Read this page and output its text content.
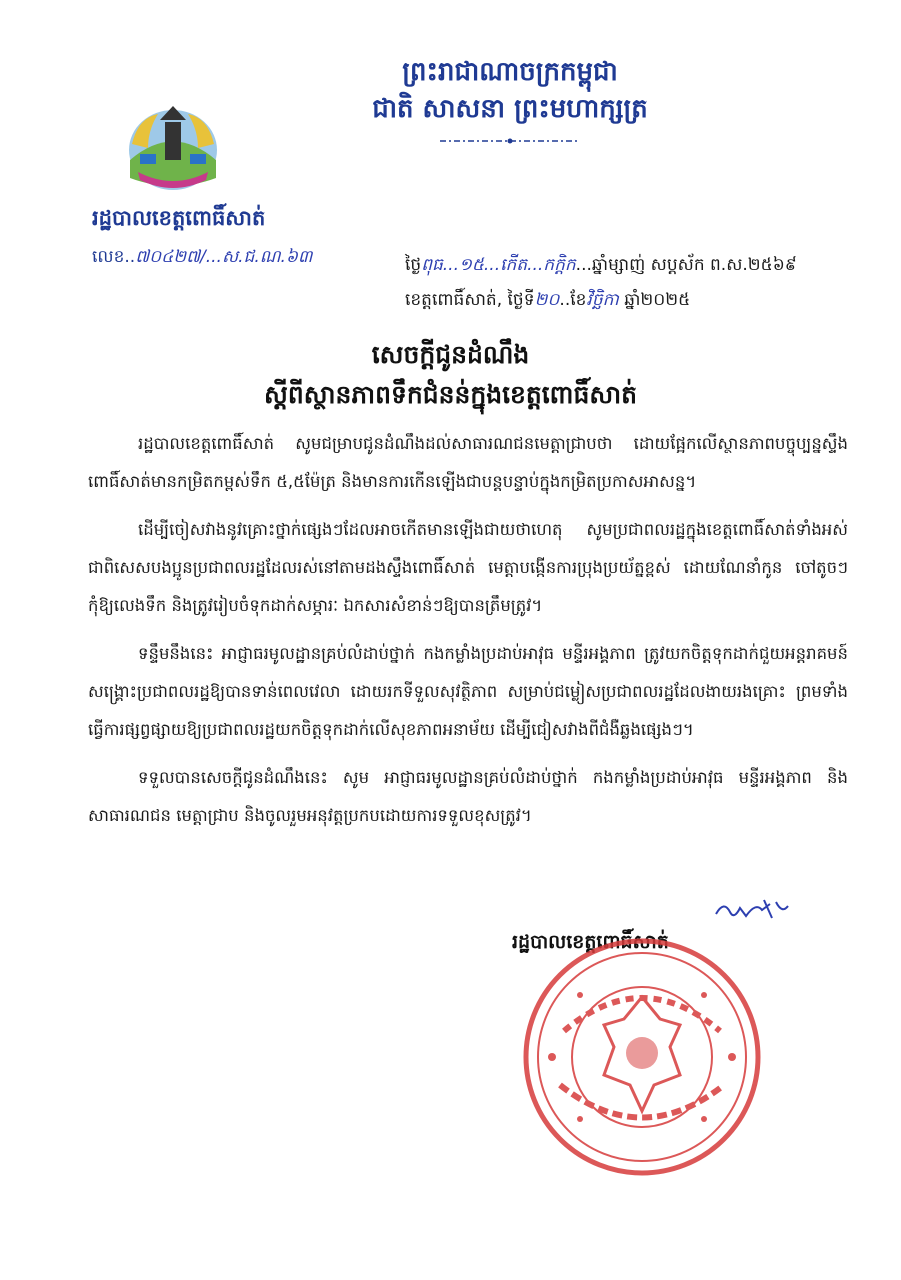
ព្រះរាជាណាចក្រកម្ពុជា
ជាតិ សាសនា ព្រះមហាក្សត្រ
រដ្ឋបាលខេត្តពោធិ៍សាត់
លេខ..៧០៤២៧/...ស.ជ.ណ.៦៣	ថ្ងៃពុធ...១៥...កើត...កក្ដិក...ឆ្នាំម្សាញ់ សប្តស័ក ព.ស.២៥៦៩
ខេត្តពោធិ៍សាត់, ថ្ងៃទី២០..ខែវិច្ឆិកា ឆ្នាំ២០២៥
សេចក្ដីជូនដំណឹង
ស្ដីពីស្ថានភាពទឹកជំនន់ក្នុងខេត្តពោធិ៍សាត់

រដ្ឋបាលខេត្តពោធិ៍សាត់ សូមជម្រាបជូនដំណឹងដល់សាធារណជនមេត្តាជ្រាបថា ដោយផ្អែកលើស្ថានភាពបច្ចុប្បន្នស្ទឹងពោធិ៍សាត់មានកម្រិតកម្ពស់ទឹក ៥,៥ម៉ែត្រ និងមានការកើនឡើងជាបន្តបន្ទាប់ក្នុងកម្រិតប្រកាសអាសន្ន។

ដើម្បីចៀសវាងនូវគ្រោះថ្នាក់ផ្សេងៗដែលអាចកើតមានឡើងជាយថាហេតុ សូមប្រជាពលរដ្ឋក្នុងខេត្តពោធិ៍សាត់ទាំងអស់ ជាពិសេសបងប្អូនប្រជាពលរដ្ឋដែលរស់នៅតាមដងស្ទឹងពោធិ៍សាត់ មេត្តាបង្កើនការប្រុងប្រយ័ត្នខ្ពស់ ដោយណែនាំកូន ចៅតូចៗ កុំឱ្យលេងទឹក និងត្រូវរៀបចំទុកដាក់សម្ភារៈ ឯកសារសំខាន់ៗឱ្យបានត្រឹមត្រូវ។

ទន្ទឹមនឹងនេះ អាជ្ញាធរមូលដ្ឋានគ្រប់លំដាប់ថ្នាក់ កងកម្លាំងប្រដាប់អាវុធ មន្ទីរអង្គភាព ត្រូវយកចិត្តទុកដាក់ជួយអន្តរាគមន៍សង្គ្រោះប្រជាពលរដ្ឋឱ្យបានទាន់ពេលវេលា ដោយរកទីទួលសុវត្ថិភាព សម្រាប់ជម្លៀសប្រជាពលរដ្ឋដែលងាយរងគ្រោះ ព្រមទាំងធ្វើការផ្សព្វផ្សាយឱ្យប្រជាពលរដ្ឋយកចិត្តទុកដាក់លើសុខភាពអនាម័យ ដើម្បីជៀសវាងពីជំងឺឆ្លងផ្សេងៗ។

ទទួលបានសេចក្តីជូនដំណឹងនេះ សូម អាជ្ញាធរមូលដ្ឋានគ្រប់លំដាប់ថ្នាក់ កងកម្លាំងប្រដាប់អាវុធ មន្ទីរអង្គភាព និងសាធារណជន មេត្តាជ្រាប និងចូលរួមអនុវត្តប្រកបដោយការទទួលខុសត្រូវ។

រដ្ឋបាលខេត្តពោធិ៍សាត់
